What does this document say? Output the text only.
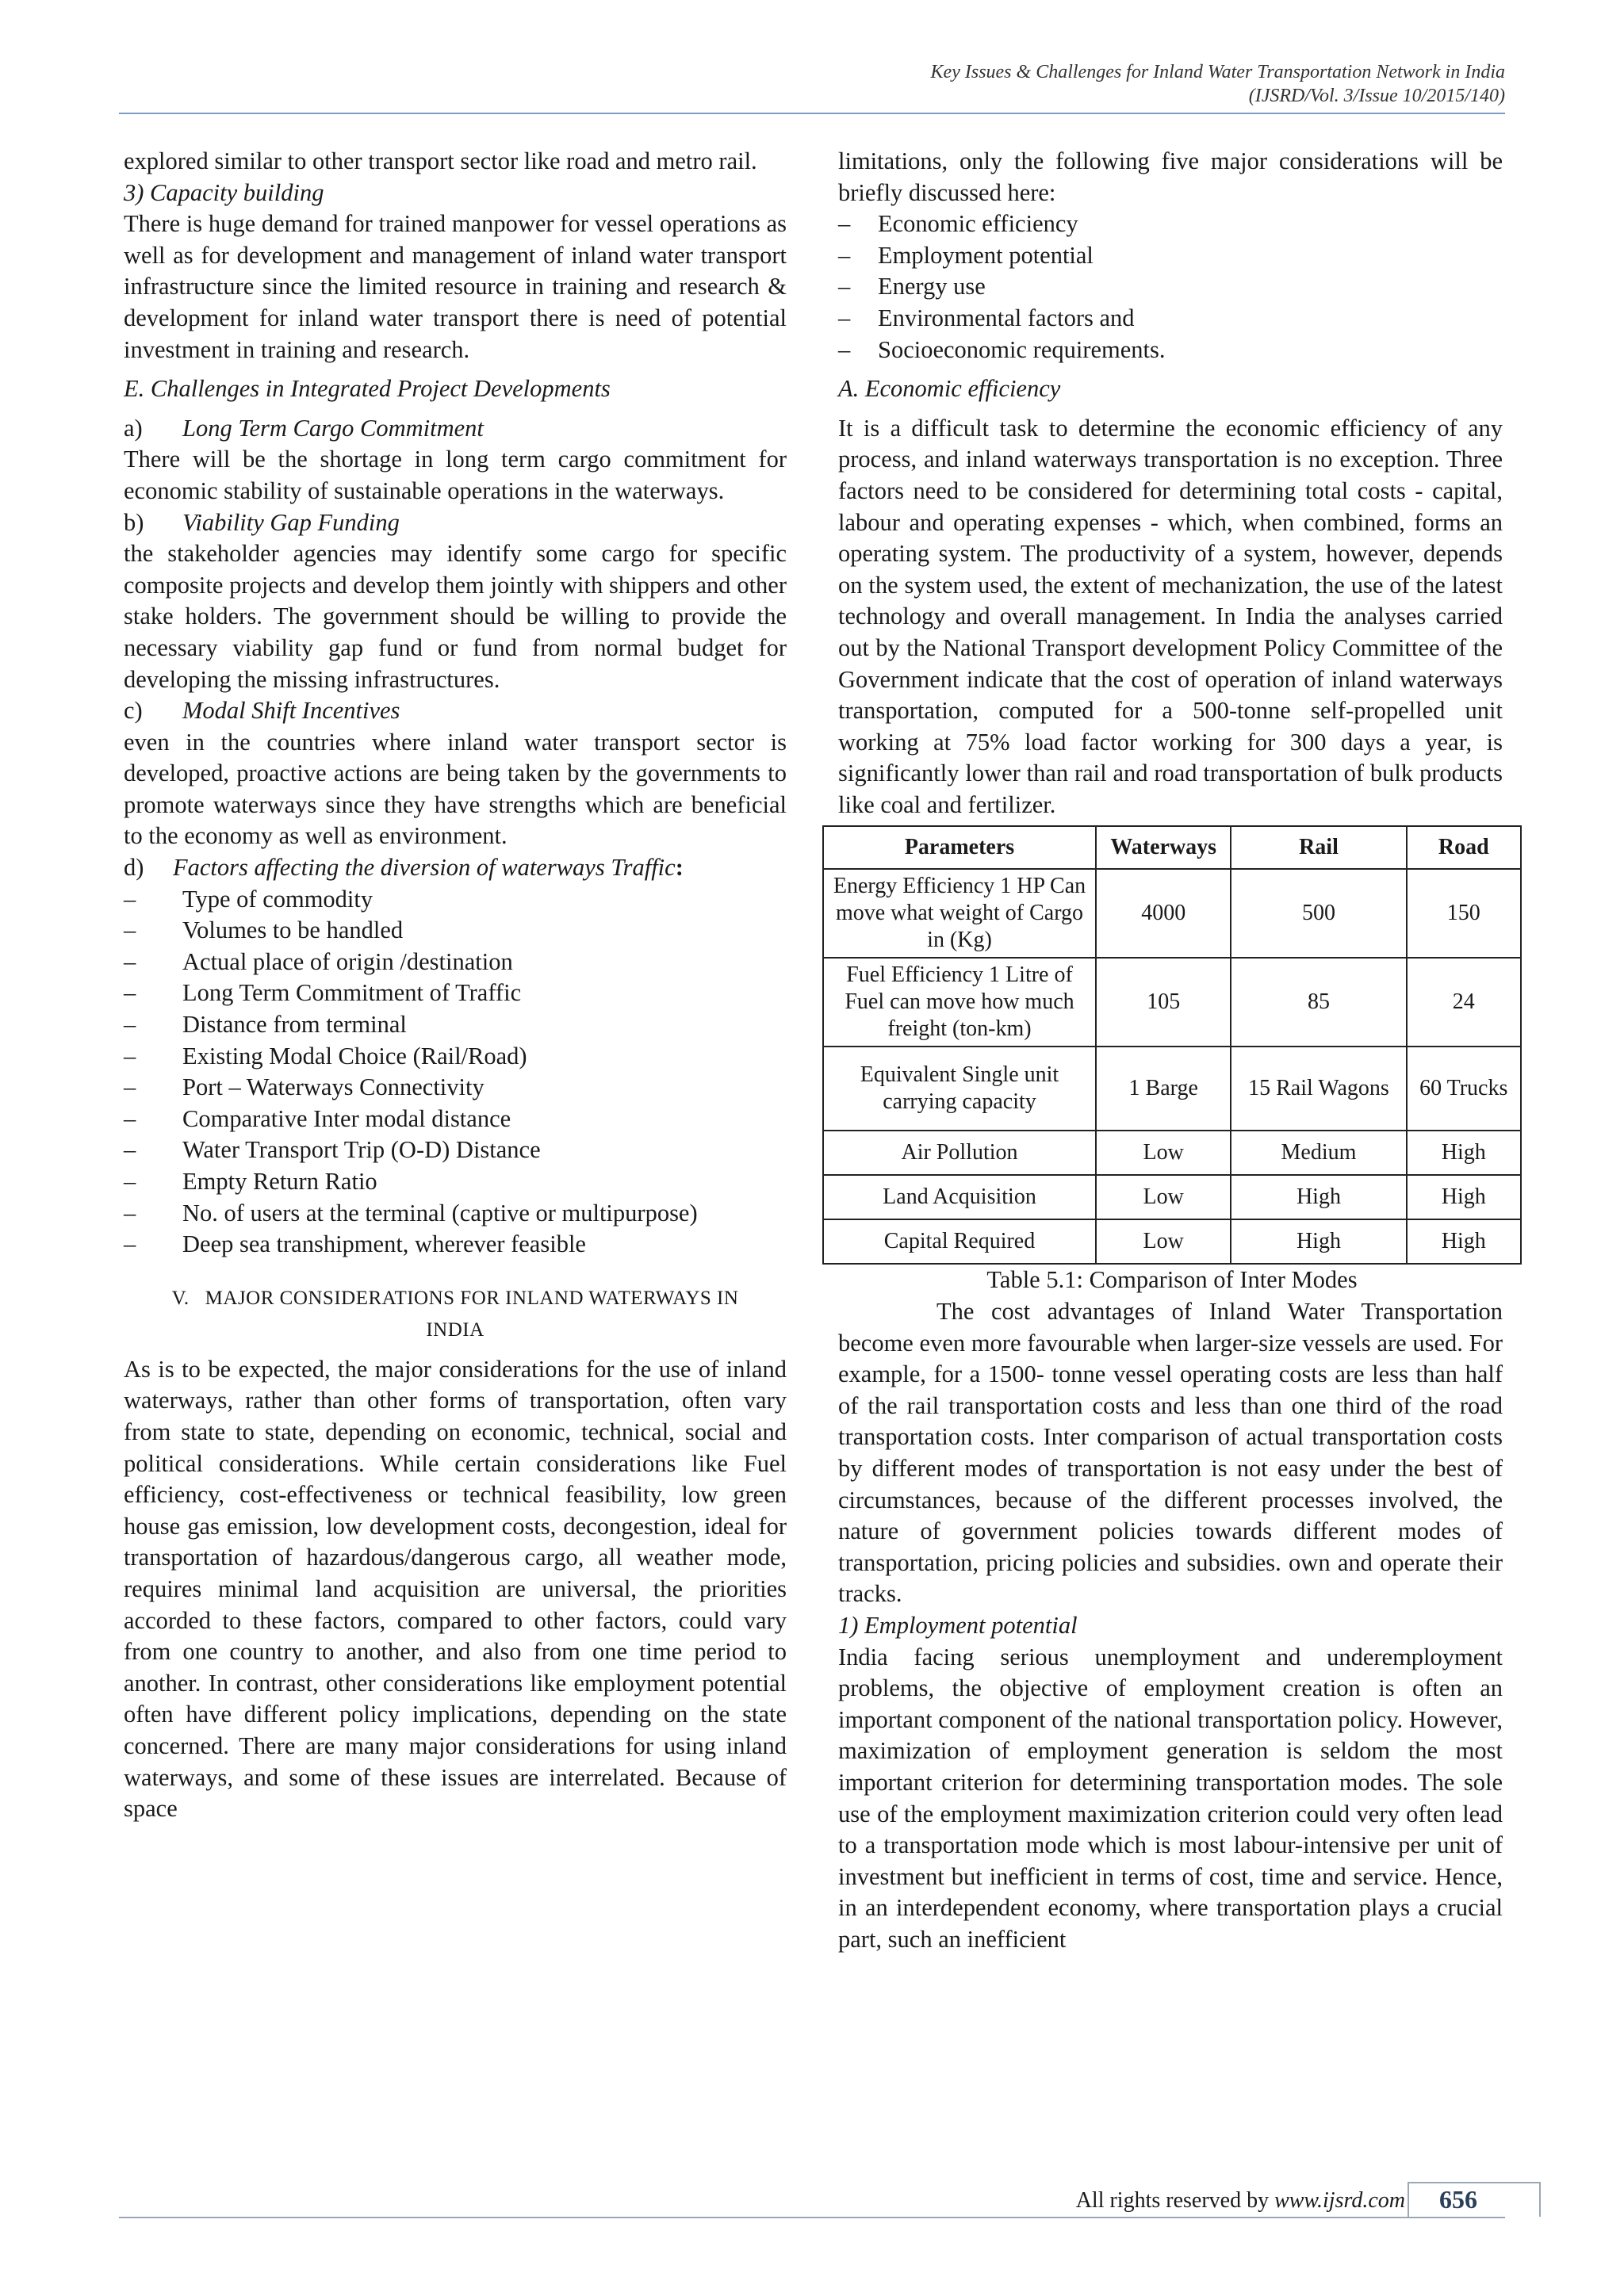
Key Issues & Challenges for Inland Water Transportation Network in India
(IJSRD/Vol. 3/Issue 10/2015/140)
explored similar to other transport sector like road and metro rail.
3) Capacity building
There is huge demand for trained manpower for vessel operations as well as for development and management of inland water transport infrastructure since the limited resource in training and research & development for inland water transport there is need of potential investment in training and research.
E. Challenges in Integrated Project Developments
a)	Long Term Cargo Commitment
There will be the shortage in long term cargo commitment for economic stability of sustainable operations in the waterways.
b)	Viability Gap Funding
the stakeholder agencies may identify some cargo for specific composite projects and develop them jointly with shippers and other stake holders. The government should be willing to provide the necessary viability gap fund or fund from normal budget for developing the missing infrastructures.
c)	Modal Shift Incentives
even in the countries where inland water transport sector is developed, proactive actions are being taken by the governments to promote waterways since they have strengths which are beneficial to the economy as well as environment.
d)	Factors affecting the diversion of waterways Traffic:
–	Type of commodity
–	Volumes to be handled
–	Actual place of origin /destination
–	Long Term Commitment of Traffic
–	Distance from terminal
–	Existing Modal Choice (Rail/Road)
–	Port – Waterways Connectivity
–	Comparative Inter modal distance
–	Water Transport Trip (O-D) Distance
–	Empty Return Ratio
–	No. of users at the terminal (captive or multipurpose)
–	Deep sea transhipment, wherever feasible
V. MAJOR CONSIDERATIONS FOR INLAND WATERWAYS IN
INDIA
As is to be expected, the major considerations for the use of inland waterways, rather than other forms of transportation, often vary from state to state, depending on economic, technical, social and political considerations. While certain considerations like Fuel efficiency, cost-effectiveness or technical feasibility, low green house gas emission, low development costs, decongestion, ideal for transportation of hazardous/dangerous cargo, all weather mode, requires minimal land acquisition are universal, the priorities accorded to these factors, compared to other factors, could vary from one country to another, and also from one time period to another. In contrast, other considerations like employment potential often have different policy implications, depending on the state concerned. There are many major considerations for using inland waterways, and some of these issues are interrelated. Because of space
limitations, only the following five major considerations will be briefly discussed here:
–	Economic efficiency
–	Employment potential
–	Energy use
–	Environmental factors and
–	Socioeconomic requirements.
A. Economic efficiency
It is a difficult task to determine the economic efficiency of any process, and inland waterways transportation is no exception. Three factors need to be considered for determining total costs - capital, labour and operating expenses - which, when combined, forms an operating system. The productivity of a system, however, depends on the system used, the extent of mechanization, the use of the latest technology and overall management. In India the analyses carried out by the National Transport development Policy Committee of the Government indicate that the cost of operation of inland waterways transportation, computed for a 500-tonne self-propelled unit working at 75% load factor working for 300 days a year, is significantly lower than rail and road transportation of bulk products like coal and fertilizer.
Parameters	Waterways	Rail	Road
Energy Efficiency 1 HP Can move what weight of Cargo in (Kg)	4000	500	150
Fuel Efficiency 1 Litre of Fuel can move how much freight (ton-km)	105	85	24
Equivalent Single unit carrying capacity	1 Barge	15 Rail Wagons	60 Trucks
Air Pollution	Low	Medium	High
Land Acquisition	Low	High	High
Capital Required	Low	High	High
Table 5.1: Comparison of Inter Modes
The cost advantages of Inland Water Transportation become even more favourable when larger-size vessels are used. For example, for a 1500- tonne vessel operating costs are less than half of the rail transportation costs and less than one third of the road transportation costs. Inter comparison of actual transportation costs by different modes of transportation is not easy under the best of circumstances, because of the different processes involved, the nature of government policies towards different modes of transportation, pricing policies and subsidies. own and operate their tracks.
1) Employment potential
India facing serious unemployment and underemployment problems, the objective of employment creation is often an important component of the national transportation policy. However, maximization of employment generation is seldom the most important criterion for determining transportation modes. The sole use of the employment maximization criterion could very often lead to a transportation mode which is most labour-intensive per unit of investment but inefficient in terms of cost, time and service. Hence, in an interdependent economy, where transportation plays a crucial part, such an inefficient
All rights reserved by www.ijsrd.com	656
